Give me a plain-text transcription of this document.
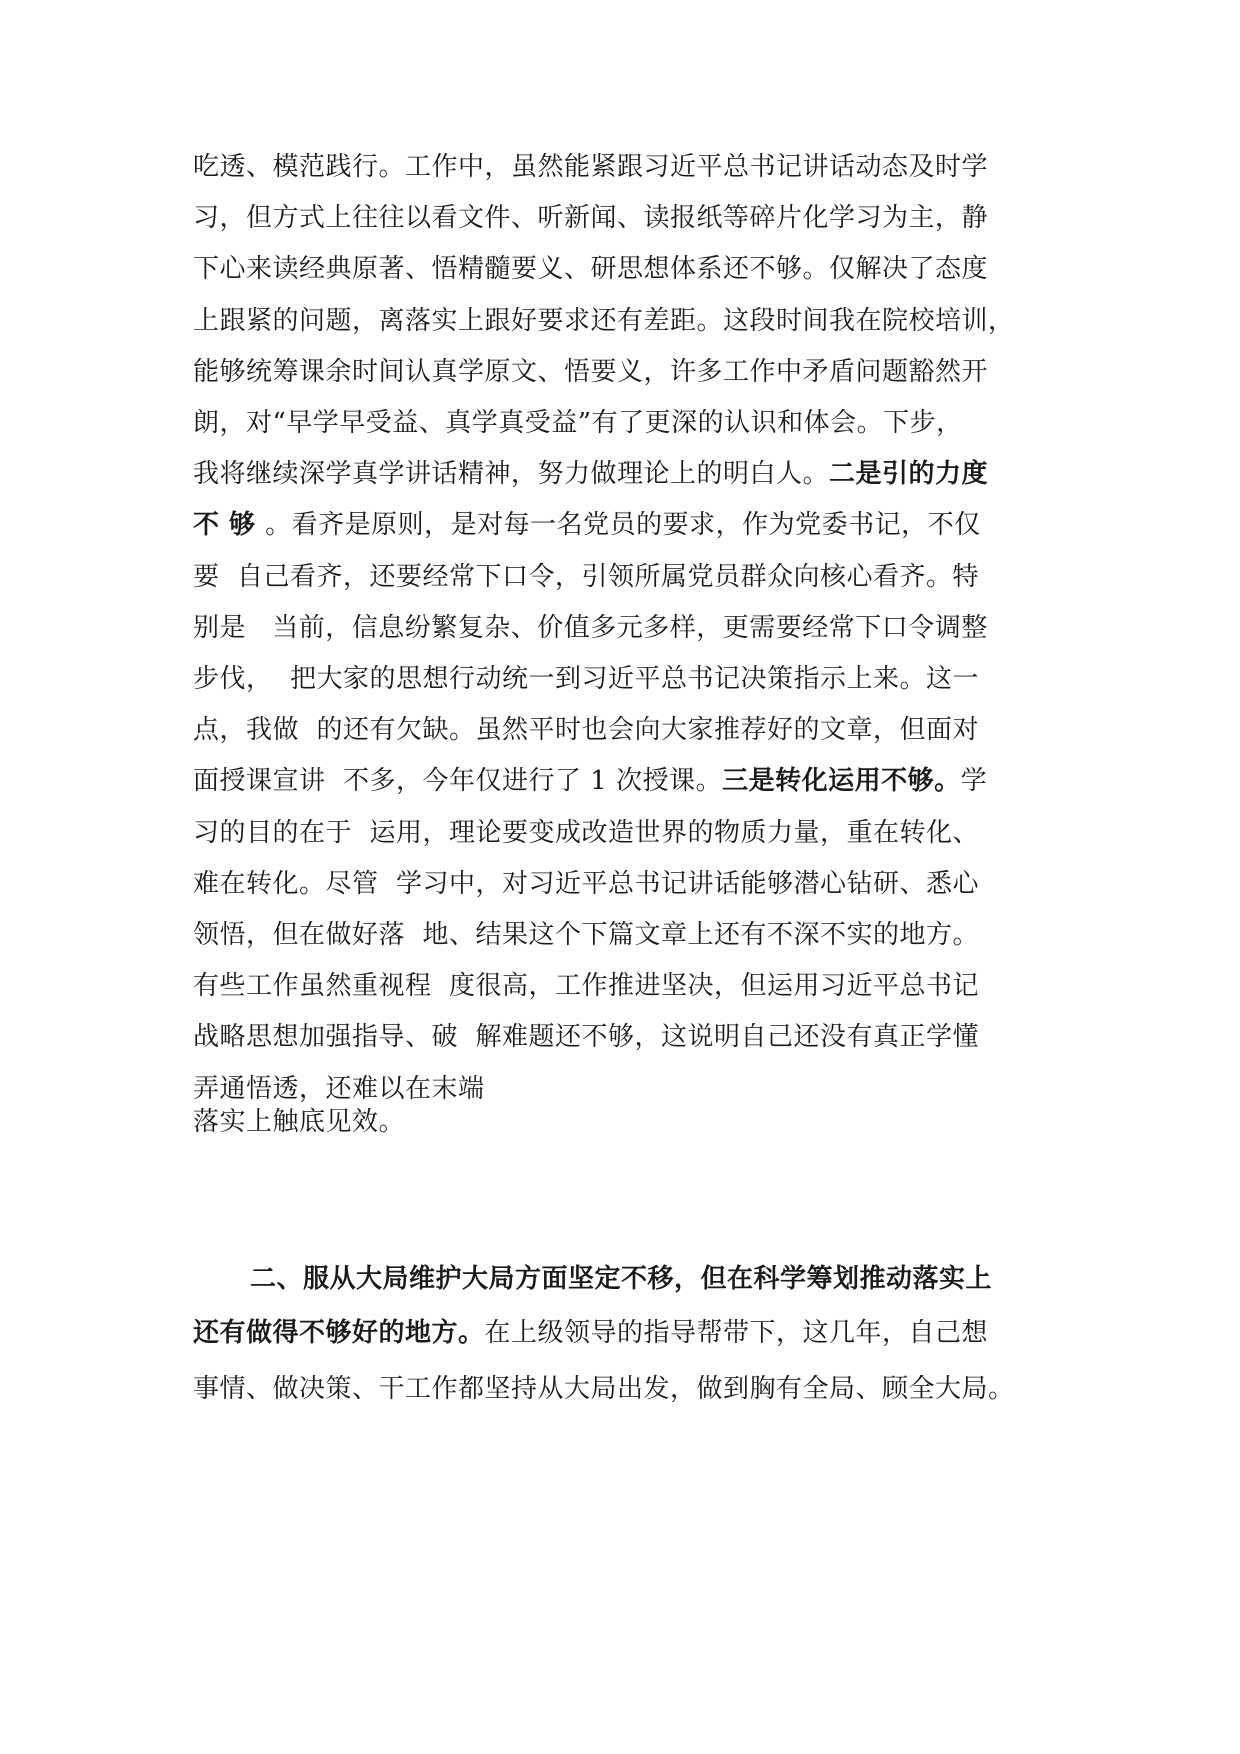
吃透、模范践行。工作中，虽然能紧跟习近平总书记讲话动态及时学
习，但方式上往往以看文件、听新闻、读报纸等碎片化学习为主，静
下心来读经典原著、悟精髓要义、研思想体系还不够。仅解决了态度
上跟紧的问题，离落实上跟好要求还有差距。这段时间我在院校培训，
能够统筹课余时间认真学原文、悟要义，许多工作中矛盾问题豁然开
朗，对“早学早受益、真学真受益”有了更深的认识和体会。下步，
我将继续深学真学讲话精神，努力做理论上的明白人。二是引的力度
不 够 。看齐是原则，是对每一名党员的要求，作为党委书记，不仅
要  自己看齐，还要经常下口令，引领所属党员群众向核心看齐。特
别是   当前，信息纷繁复杂、价值多元多样，更需要经常下口令调整
步伐，  把大家的思想行动统一到习近平总书记决策指示上来。这一
点，我做  的还有欠缺。虽然平时也会向大家推荐好的文章，但面对
面授课宣讲  不多，今年仅进行了 1 次授课。三是转化运用不够。学
习的目的在于  运用，理论要变成改造世界的物质力量，重在转化、
难在转化。尽管  学习中，对习近平总书记讲话能够潜心钻研、悉心
领悟，但在做好落  地、结果这个下篇文章上还有不深不实的地方。
有些工作虽然重视程  度很高，工作推进坚决，但运用习近平总书记
战略思想加强指导、破  解难题还不够，这说明自己还没有真正学懂
弄通悟透，还难以在末端
落实上触底见效。
二、服从大局维护大局方面坚定不移，但在科学筹划推动落实上
还有做得不够好的地方。在上级领导的指导帮带下，这几年，自己想
事情、做决策、干工作都坚持从大局出发，做到胸有全局、顾全大局。
